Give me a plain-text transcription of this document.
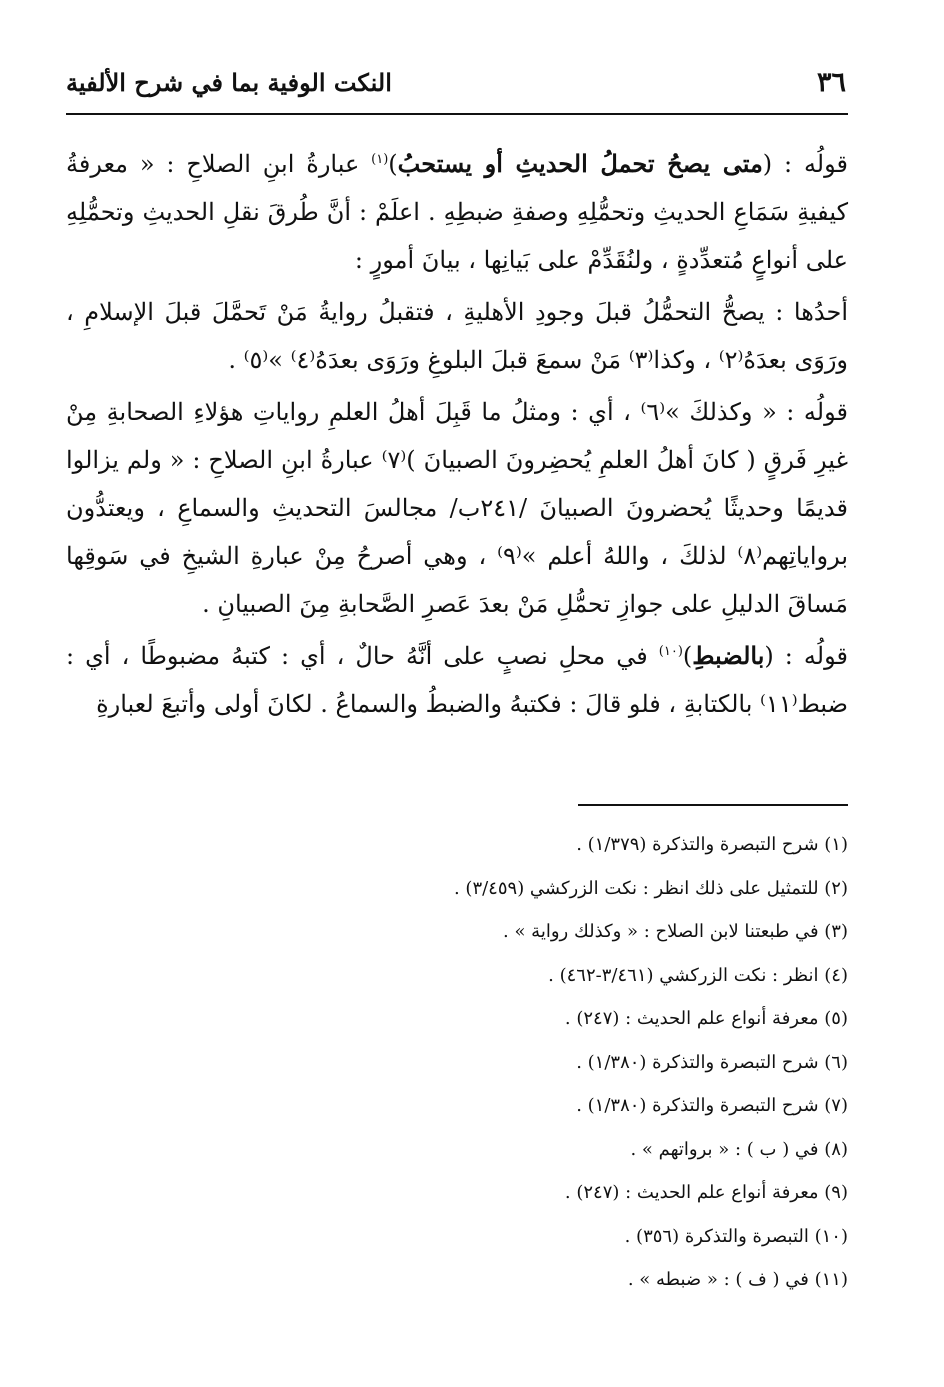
٣٦
النكت الوفية بما في شرح الألفية

قولُه : (متى يصحُ تحملُ الحديثِ أو يستحبُ)$^{(١)}$ عبارةُ ابنِ الصلاحِ : « معرفةُ كيفيةِ سَمَاعِ الحديثِ وتحمُّلِهِ وصفةِ ضبطِهِ . اعلَمْ : أنَّ طُرقَ نقلِ الحديثِ وتحمُّلِهِ على أنواعٍ مُتعدِّدةٍ ، ولنُقَدِّمْ على بَيانِها ، بيانَ أمورٍ :

أحدُها : يصحُّ التحمُّلُ قبلَ وجودِ الأهليةِ ، فتقبلُ روايةُ مَنْ تَحمَّلَ قبلَ الإسلامِ ، ورَوَى بعدَهُ⁽٢⁾ ، وكذا⁽٣⁾ مَنْ سمعَ قبلَ البلوغِ ورَوَى بعدَهُ⁽٤⁾ »⁽٥⁾ .

قولُه : « وكذلكَ »⁽٦⁾ ، أي : ومثلُ ما قَبِلَ أهلُ العلمِ رواياتِ هؤلاءِ الصحابةِ مِنْ غيرِ فَرقٍ ( كانَ أهلُ العلمِ يُحضِرونَ الصبيانَ )⁽٧⁾ عبارةُ ابنِ الصلاحِ : « ولم يزالوا قديمًا وحديثًا يُحضرونَ الصبيانَ /٢٤١ب/ مجالسَ التحديثِ والسماعِ ، ويعتدُّون برواياتِهم⁽٨⁾ لذلكَ ، واللهُ أعلم »⁽٩⁾ ، وهي أصرحُ مِنْ عبارةِ الشيخِ في سَوقِها مَساقَ الدليلِ على جوازِ تحمُّلِ مَنْ بعدَ عَصرِ الصَّحابةِ مِنَ الصبيانِ .

قولُه : (بالضبطِ)$^{(١٠)}$ في محلِ نصبٍ على أنَّهُ حالٌ ، أي : كتبهُ مضبوطًا ، أي : ضبط⁽١١⁾ بالكتابةِ ، فلو قالَ : فكتبهُ والضبطُ والسماعُ . لكانَ أولى وأتبعَ لعبارةِ

(١) شرح التبصرة والتذكرة (١/٣٧٩) .
(٢) للتمثيل على ذلك انظر : نكت الزركشي (٣/٤٥٩) .
(٣) في طبعتنا لابن الصلاح : « وكذلك رواية » .
(٤) انظر : نكت الزركشي (٣/٤٦١-٤٦٢) .
(٥) معرفة أنواع علم الحديث : (٢٤٧) .
(٦) شرح التبصرة والتذكرة (١/٣٨٠) .
(٧) شرح التبصرة والتذكرة (١/٣٨٠) .
(٨) في ( ب ) : « برواتهم » .
(٩) معرفة أنواع علم الحديث : (٢٤٧) .
(١٠) التبصرة والتذكرة (٣٥٦) .
(١١) في ( ف ) : « ضبطه » .
